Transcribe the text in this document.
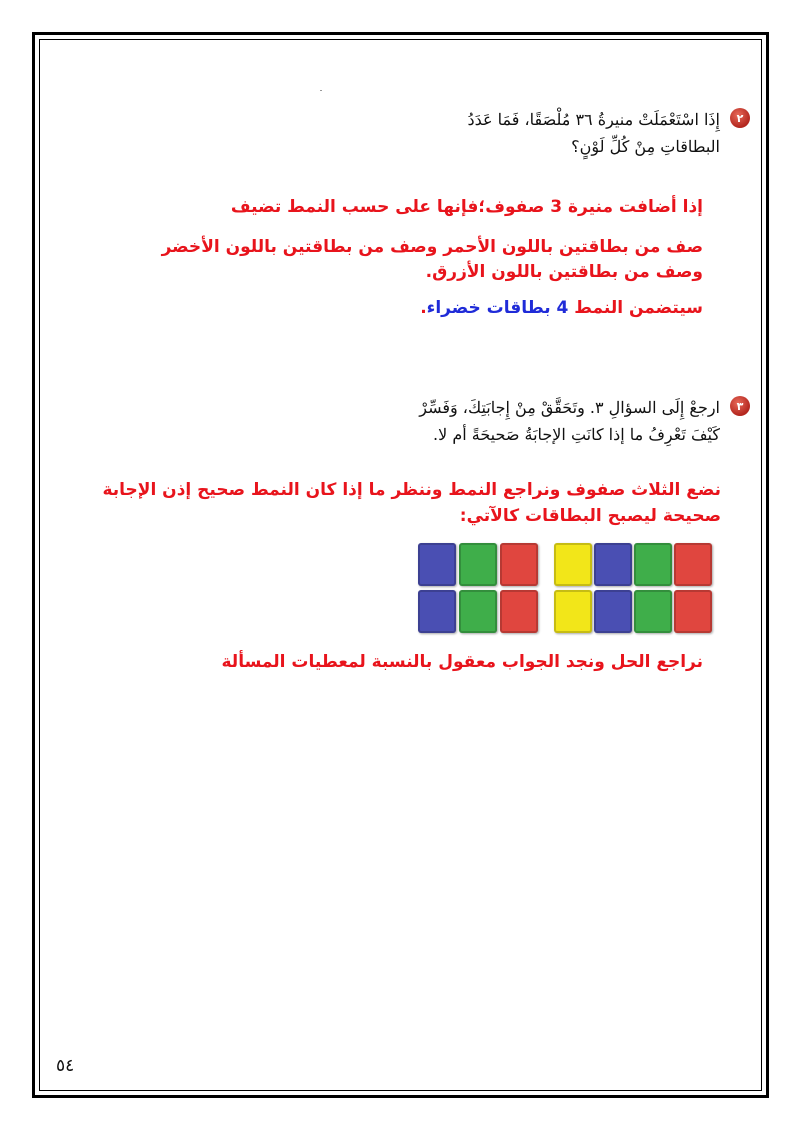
٢
إِذَا اسْتَعْمَلَتْ منيرةُ ٣٦ مُلْصَقًا، فَمَا عَدَدُ
البطاقاتِ مِنْ كُلِّ لَوْنٍ؟
إذا أضافت منيرة 3 صفوف؛فإنها على حسب النمط تضيف
صف من بطاقتين باللون الأحمر وصف من بطاقتين باللون الأخضر
وصف من بطاقتين باللون الأزرق.
سيتضمن النمط 4 بطاقات خضراء.
٣
ارجعْ إِلَى السؤالِ ٣. وتَحَقَّقْ مِنْ إِجابَتِكَ، وَفَسِّرْ
كَيْفَ تَعْرِفُ ما إذا كانَتِ الإجابَةُ صَحيحَةً أم لا.
نضع الثلاث صفوف ونراجع النمط وننظر ما إذا كان النمط صحيح إذن الإجابة
صحيحة ليصبح البطاقات كالآتي:
نراجع الحل ونجد الجواب معقول بالنسبة لمعطيات المسألة
٥٤
